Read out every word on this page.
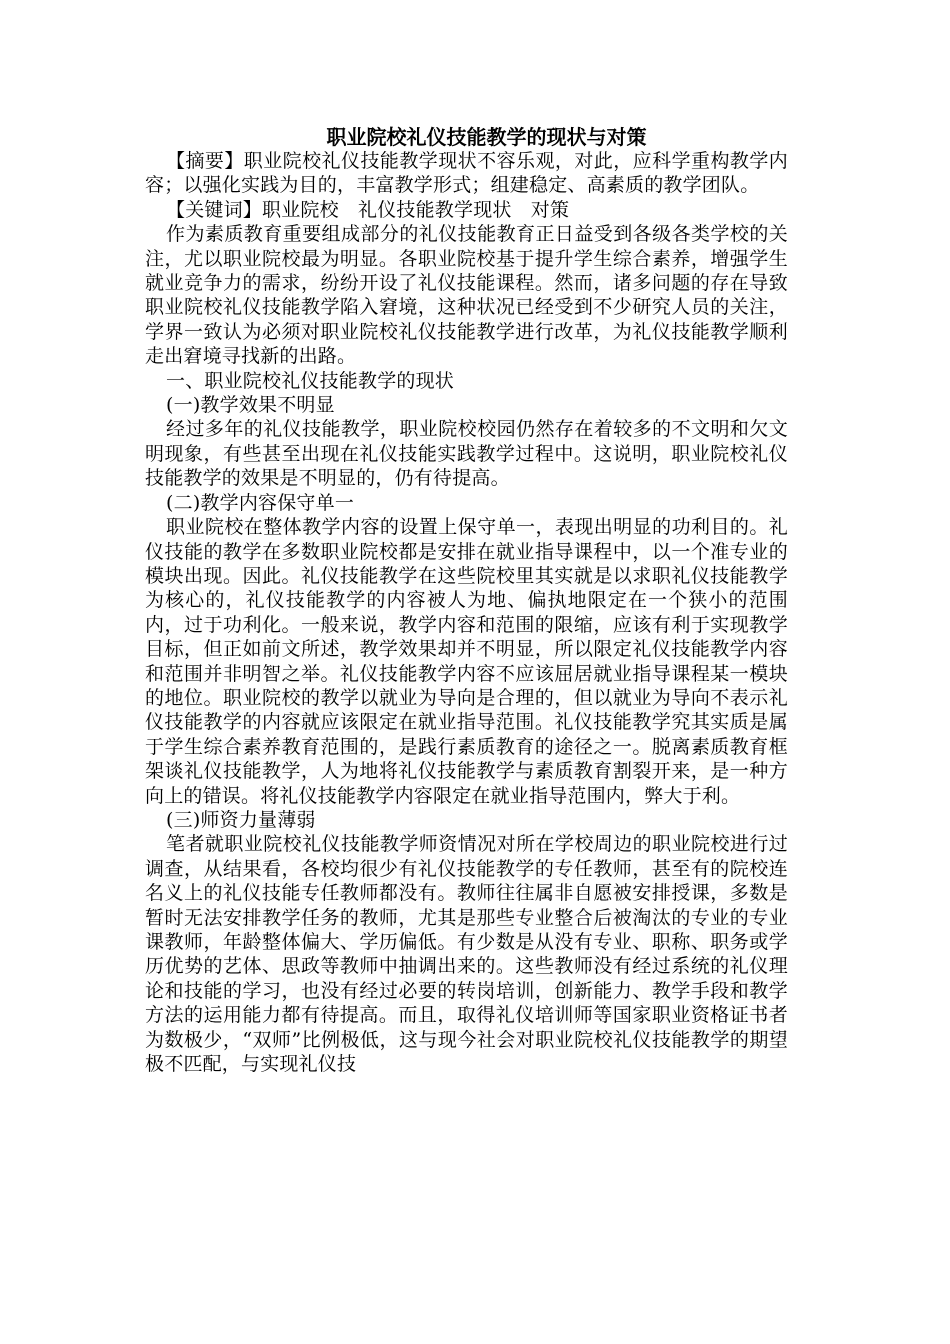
职业院校礼仪技能教学的现状与对策

【摘要】职业院校礼仪技能教学现状不容乐观，对此，应科学重构教学内容；以强化实践为目的，丰富教学形式；组建稳定、高素质的教学团队。

【关键词】职业院校　礼仪技能教学现状　对策

作为素质教育重要组成部分的礼仪技能教育正日益受到各级各类学校的关注，尤以职业院校最为明显。各职业院校基于提升学生综合素养，增强学生就业竞争力的需求，纷纷开设了礼仪技能课程。然而，诸多问题的存在导致职业院校礼仪技能教学陷入窘境，这种状况已经受到不少研究人员的关注，学界一致认为必须对职业院校礼仪技能教学进行改革，为礼仪技能教学顺利走出窘境寻找新的出路。

一、职业院校礼仪技能教学的现状

(一)教学效果不明显

经过多年的礼仪技能教学，职业院校校园仍然存在着较多的不文明和欠文明现象，有些甚至出现在礼仪技能实践教学过程中。这说明，职业院校礼仪技能教学的效果是不明显的，仍有待提高。

(二)教学内容保守单一

职业院校在整体教学内容的设置上保守单一，表现出明显的功利目的。礼仪技能的教学在多数职业院校都是安排在就业指导课程中，以一个准专业的模块出现。因此。礼仪技能教学在这些院校里其实就是以求职礼仪技能教学为核心的，礼仪技能教学的内容被人为地、偏执地限定在一个狭小的范围内，过于功利化。一般来说，教学内容和范围的限缩，应该有利于实现教学目标，但正如前文所述，教学效果却并不明显，所以限定礼仪技能教学内容和范围并非明智之举。礼仪技能教学内容不应该屈居就业指导课程某一模块的地位。职业院校的教学以就业为导向是合理的，但以就业为导向不表示礼仪技能教学的内容就应该限定在就业指导范围。礼仪技能教学究其实质是属于学生综合素养教育范围的，是践行素质教育的途径之一。脱离素质教育框架谈礼仪技能教学，人为地将礼仪技能教学与素质教育割裂开来，是一种方向上的错误。将礼仪技能教学内容限定在就业指导范围内，弊大于利。

(三)师资力量薄弱

笔者就职业院校礼仪技能教学师资情况对所在学校周边的职业院校进行过调查，从结果看，各校均很少有礼仪技能教学的专任教师，甚至有的院校连名义上的礼仪技能专任教师都没有。教师往往属非自愿被安排授课，多数是暂时无法安排教学任务的教师，尤其是那些专业整合后被淘汰的专业的专业课教师，年龄整体偏大、学历偏低。有少数是从没有专业、职称、职务或学历优势的艺体、思政等教师中抽调出来的。这些教师没有经过系统的礼仪理论和技能的学习，也没有经过必要的转岗培训，创新能力、教学手段和教学方法的运用能力都有待提高。而且，取得礼仪培训师等国家职业资格证书者为数极少，“双师”比例极低，这与现今社会对职业院校礼仪技能教学的期望极不匹配，与实现礼仪技
